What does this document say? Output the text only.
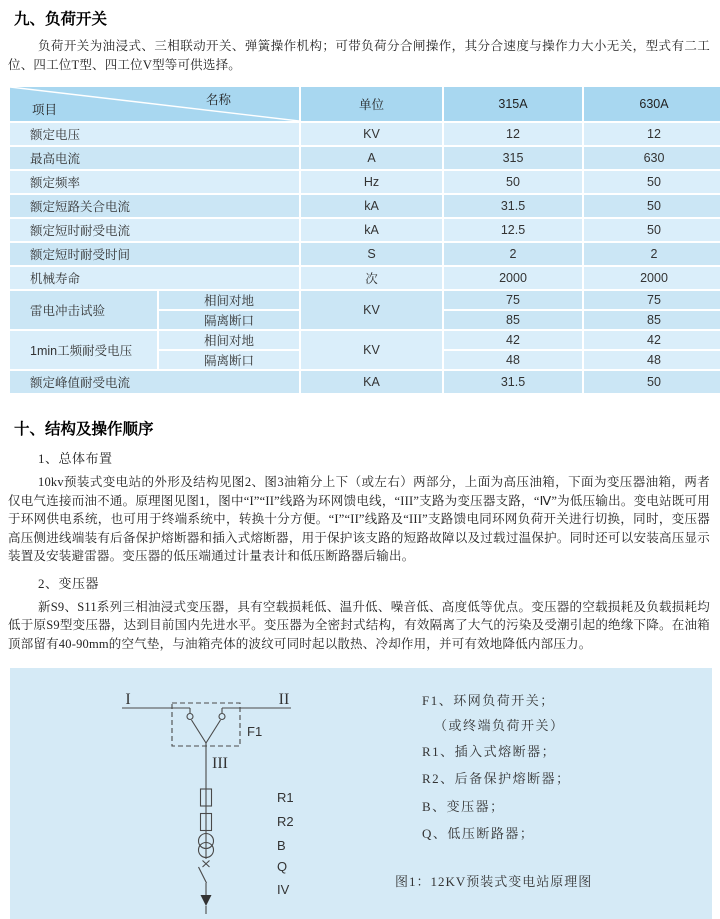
九、负荷开关

负荷开关为油浸式、三相联动开关、弹簧操作机构；可带负荷分合闸操作，其分合速度与操作力大小无关，型式有二工位、四工位T型、四工位V型等可供选择。

名称
项目		单位	315A	630A
额定电压		KV	12	12
最高电流		A	315	630
额定频率		Hz	50	50
额定短路关合电流		kA	31.5	50
额定短时耐受电流		kA	12.5	50
额定短时耐受时间		S	2	2
机械寿命		次	2000	2000
雷电冲击试验	相间对地	KV	75	75
	隔离断口		85	85
1min工频耐受电压	相间对地	KV	42	42
	隔离断口		48	48
额定峰值耐受电流		KA	31.5	50
十、结构及操作顺序
1、总体布置

10kv预装式变电站的外形及结构见图2、图3油箱分上下（或左右）两部分，上面为高压油箱，下面为变压器油箱，两者仅电气连接而油不通。原理图见图1，图中“I”“II”线路为环网馈电线，“III”支路为变压器支路，“Ⅳ”为低压输出。变电站既可用于环网供电系统，也可用于终端系统中，转换十分方便。“I”“II”线路及“III”支路馈电同环网负荷开关进行切换，同时，变压器高压侧进线端装有后备保护熔断器和插入式熔断器，用于保护该支路的短路故障以及过载过温保护。同时还可以安装高压显示装置及安装避雷器。变压器的低压端通过计量表计和低压断路器后输出。

2、变压器

新S9、S11系列三相油浸式变压器，具有空载损耗低、温升低、噪音低、高度低等优点。变压器的空载损耗及负载损耗均低于原S9型变压器，达到目前国内先进水平。变压器为全密封式结构，有效隔离了大气的污染及受潮引起的绝缘下降。在油箱顶部留有40-90mm的空气垫，与油箱壳体的波纹可同时起以散热、冷却作用，并可有效地降低内部压力。

I	II
III
F1
R1
R2
B
Q
IV
F1、环网负荷开关；
（或终端负荷开关）
R1、插入式熔断器；
R2、后备保护熔断器；
B、变压器；
Q、低压断路器；
图1：12KV预装式变电站原理图
